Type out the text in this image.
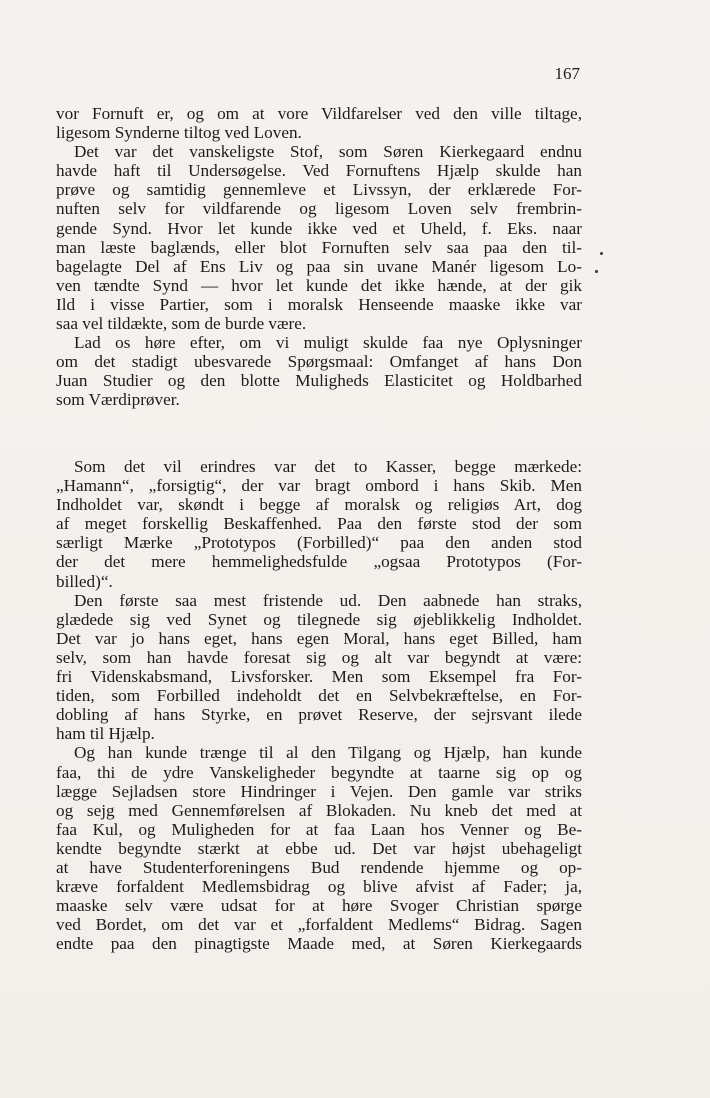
167
vor Fornuft er, og om at vore Vildfarelser ved den ville tiltage,
ligesom Synderne tiltog ved Loven.
Det var det vanskeligste Stof, som Søren Kierkegaard endnu
havde haft til Undersøgelse. Ved Fornuftens Hjælp skulde han
prøve og samtidig gennemleve et Livssyn, der erklærede For-
nuften selv for vildfarende og ligesom Loven selv frembrin-
gende Synd. Hvor let kunde ikke ved et Uheld, f. Eks. naar
man læste baglænds, eller blot Fornuften selv saa paa den til-
bagelagte Del af Ens Liv og paa sin uvane Manér ligesom Lo-
ven tændte Synd — hvor let kunde det ikke hænde, at der gik
Ild i visse Partier, som i moralsk Henseende maaske ikke var
saa vel tildækte, som de burde være.
Lad os høre efter, om vi muligt skulde faa nye Oplysninger
om det stadigt ubesvarede Spørgsmaal: Omfanget af hans Don
Juan Studier og den blotte Muligheds Elasticitet og Holdbarhed
som Værdiprøver.
Som det vil erindres var det to Kasser, begge mærkede:
„Hamann“, „forsigtig“, der var bragt ombord i hans Skib. Men
Indholdet var, skøndt i begge af moralsk og religiøs Art, dog
af meget forskellig Beskaffenhed. Paa den første stod der som
særligt Mærke „Prototypos (Forbilled)“ paa den anden stod
der det mere hemmelighedsfulde „ogsaa Prototypos (For-
billed)“.
Den første saa mest fristende ud. Den aabnede han straks,
glædede sig ved Synet og tilegnede sig øjeblikkelig Indholdet.
Det var jo hans eget, hans egen Moral, hans eget Billed, ham
selv, som han havde foresat sig og alt var begyndt at være:
fri Videnskabsmand, Livsforsker. Men som Eksempel fra For-
tiden, som Forbilled indeholdt det en Selvbekræftelse, en For-
dobling af hans Styrke, en prøvet Reserve, der sejrsvant ilede
ham til Hjælp.
Og han kunde trænge til al den Tilgang og Hjælp, han kunde
faa, thi de ydre Vanskeligheder begyndte at taarne sig op og
lægge Sejladsen store Hindringer i Vejen. Den gamle var striks
og sejg med Gennemførelsen af Blokaden. Nu kneb det med at
faa Kul, og Muligheden for at faa Laan hos Venner og Be-
kendte begyndte stærkt at ebbe ud. Det var højst ubehageligt
at have Studenterforeningens Bud rendende hjemme og op-
kræve forfaldent Medlemsbidrag og blive afvist af Fader; ja,
maaske selv være udsat for at høre Svoger Christian spørge
ved Bordet, om det var et „forfaldent Medlems“ Bidrag. Sagen
endte paa den pinagtigste Maade med, at Søren Kierkegaards
